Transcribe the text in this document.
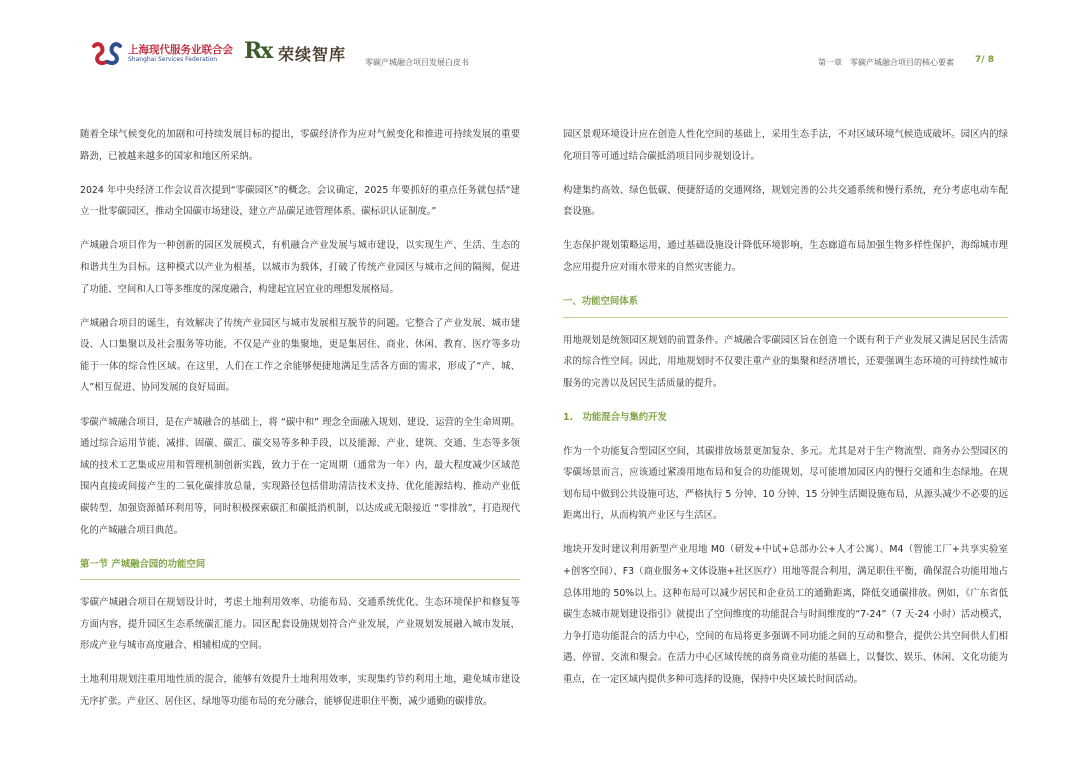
上海现代服务业联合会
Shanghai Services Federation Rx 荣续智库 零碳产城融合项目发展白皮书	第一章　零碳产城融合项目的核心要素 7/ 8

随着全球气候变化的加剧和可持续发展目标的提出，零碳经济作为应对气候变化和推进可持续发展的重要路劲，已被越来越多的国家和地区所采纳。

2024 年中央经济工作会议首次提到“零碳园区”的概念。会议确定，2025 年要抓好的重点任务就包括“建立一批零碳园区，推动全国碳市场建设，建立产品碳足迹管理体系、碳标识认证制度。”

产城融合项目作为一种创新的园区发展模式，有机融合产业发展与城市建设，以实现生产、生活、生态的和谐共生为目标。这种模式以产业为根基，以城市为载体，打破了传统产业园区与城市之间的隔阂，促进了功能、空间和人口等多维度的深度融合，构建起宜居宜业的理想发展格局。

产城融合项目的诞生，有效解决了传统产业园区与城市发展相互脱节的问题。它整合了产业发展、城市建设、人口集聚以及社会服务等功能，不仅是产业的集聚地，更是集居住、商业、休闲、教育、医疗等多功能于一体的综合性区域。在这里，人们在工作之余能够便捷地满足生活各方面的需求，形成了“产、城、人”相互促进、协同发展的良好局面。

零碳产城融合项目，是在产城融合的基础上，将 “碳中和” 理念全面融入规划、建设、运营的全生命周期。通过综合运用节能、减排、固碳、碳汇、碳交易等多种手段，以及能源、产业、建筑、交通、生态等多领域的技术工艺集成应用和管理机制创新实践，致力于在一定周期（通常为一年）内，最大程度减少区域范围内直接或间接产生的二氧化碳排放总量，实现路径包括借助清洁技术支持、优化能源结构、推动产业低碳转型、加强资源循环利用等，同时积极探索碳汇和碳抵消机制，以达成或无限接近 “零排放”，打造现代化的产城融合项目典范。

第一节 产城融合园的功能空间

零碳产城融合项目在规划设计时，考虑土地利用效率、功能布局、交通系统优化、生态环境保护和修复等方面内容，提升园区生态系统碳汇能力。园区配套设施规划符合产业发展，产业规划发展融入城市发展，形成产业与城市高度融合、相辅相成的空间。

土地利用规划注重用地性质的混合，能够有效提升土地利用效率，实现集约节约利用土地，避免城市建设无序扩张。产业区、居住区、绿地等功能布局的充分融合，能够促进职住平衡，减少通勤的碳排放。

园区景观环境设计应在创造人性化空间的基础上，采用生态手法，不对区域环境气候造成破坏。园区内的绿化项目等可通过结合碳抵消项目同步规划设计。

构建集约高效、绿色低碳、便捷舒适的交通网络，规划完善的公共交通系统和慢行系统，充分考虑电动车配套设施。

生态保护规划策略运用，通过基础设施设计降低环境影响，生态廊道布局加强生物多样性保护，海绵城市理念应用提升应对雨水带来的自然灾害能力。

一、功能空间体系

用地规划是统领园区规划的前置条件。产城融合零碳园区旨在创造一个既有利于产业发展又满足居民生活需求的综合性空间。因此，用地规划时不仅要注重产业的集聚和经济增长，还要强调生态环境的可持续性城市服务的完善以及居民生活质量的提升。

1.　功能混合与集约开发

作为一个功能复合型园区空间，其碳排放场景更加复杂、多元。尤其是对于生产物流型、商务办公型园区的零碳场景而言，应该通过紧凑用地布局和复合的功能规划，尽可能增加园区内的慢行交通和生态绿地。在规划布局中做到公共设施可达，严格执行 5 分钟、10 分钟、15 分钟生活圈设施布局，从源头减少不必要的远距离出行，从而构筑产业区与生活区。

地块开发时建议利用新型产业用地 M0（研发+中试+总部办公+人才公寓）、M4（智能工厂+共享实验室+创客空间）、F3（商业服务+文体设施+社区医疗）用地等混合利用，满足职住平衡，确保混合功能用地占总体用地的 50%以上。这种布局可以减少居民和企业员工的通勤距离，降低交通碳排放。例如，《广东省低碳生态城市规划建设指引》就提出了空间维度的功能混合与时间维度的“7-24”（7 天-24 小时）活动模式，力争打造功能混合的活力中心，空间的布局将更多强调不同功能之间的互动和整合，提供公共空间供人们相遇、停留、交流和聚会。在活力中心区域传统的商务商业功能的基础上，以餐饮、娱乐、休闲、文化功能为重点，在一定区域内提供多种可选择的设施，保持中央区域长时间活动。
